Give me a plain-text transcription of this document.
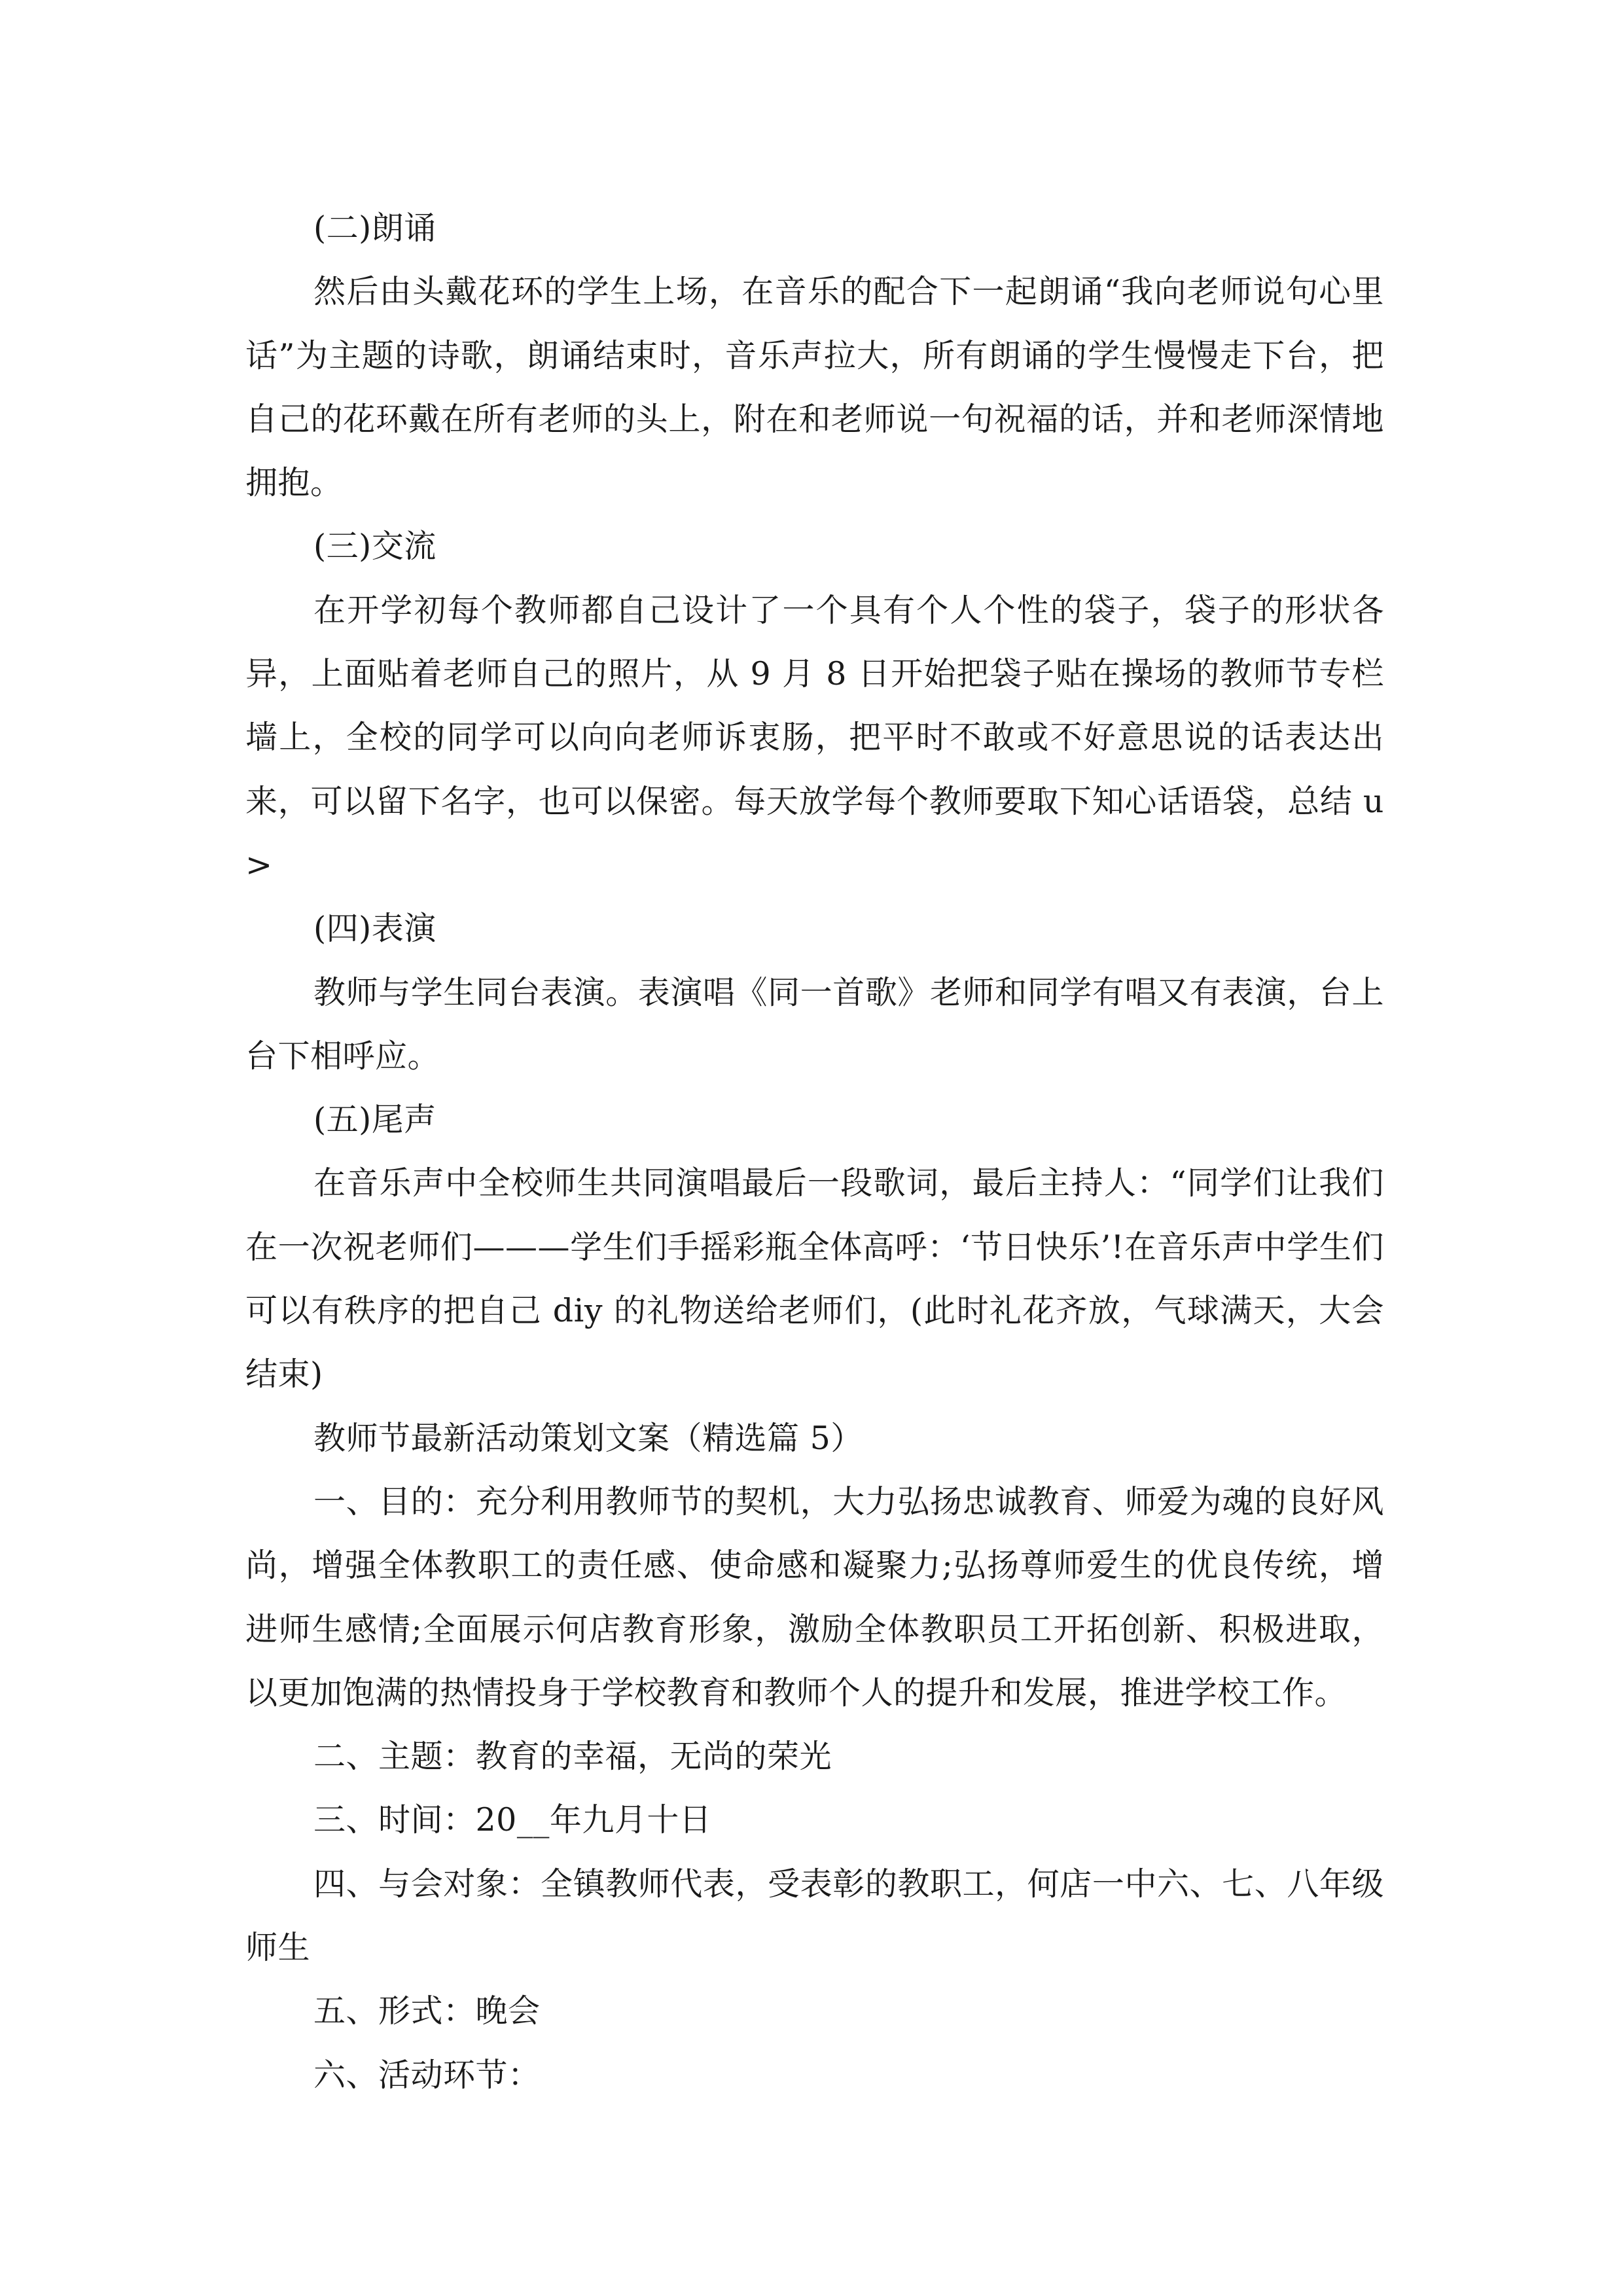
(二)朗诵

然后由头戴花环的学生上场，在音乐的配合下一起朗诵“我向老师说句心里话”为主题的诗歌，朗诵结束时，音乐声拉大，所有朗诵的学生慢慢走下台，把自己的花环戴在所有老师的头上，附在和老师说一句祝福的话，并和老师深情地拥抱。

(三)交流

在开学初每个教师都自己设计了一个具有个人个性的袋子，袋子的形状各异，上面贴着老师自己的照片，从 9 月 8 日开始把袋子贴在操场的教师节专栏墙上，全校的同学可以向向老师诉衷肠，把平时不敢或不好意思说的话表达出来，可以留下名字，也可以保密。每天放学每个教师要取下知心话语袋，总结 u>

(四)表演

教师与学生同台表演。表演唱《同一首歌》老师和同学有唱又有表演，台上台下相呼应。

(五)尾声

在音乐声中全校师生共同演唱最后一段歌词，最后主持人：“同学们让我们在一次祝老师们———学生们手摇彩瓶全体高呼：‘节日快乐’!在音乐声中学生们可以有秩序的把自己 diy 的礼物送给老师们，(此时礼花齐放，气球满天，大会结束)

教师节最新活动策划文案（精选篇 5）

一、目的：充分利用教师节的契机，大力弘扬忠诚教育、师爱为魂的良好风尚，增强全体教职工的责任感、使命感和凝聚力;弘扬尊师爱生的优良传统，增进师生感情;全面展示何店教育形象，激励全体教职员工开拓创新、积极进取，以更加饱满的热情投身于学校教育和教师个人的提升和发展，推进学校工作。

二、主题：教育的幸福，无尚的荣光

三、时间：20__年九月十日

四、与会对象：全镇教师代表，受表彰的教职工，何店一中六、七、八年级师生

五、形式：晚会

六、活动环节：
